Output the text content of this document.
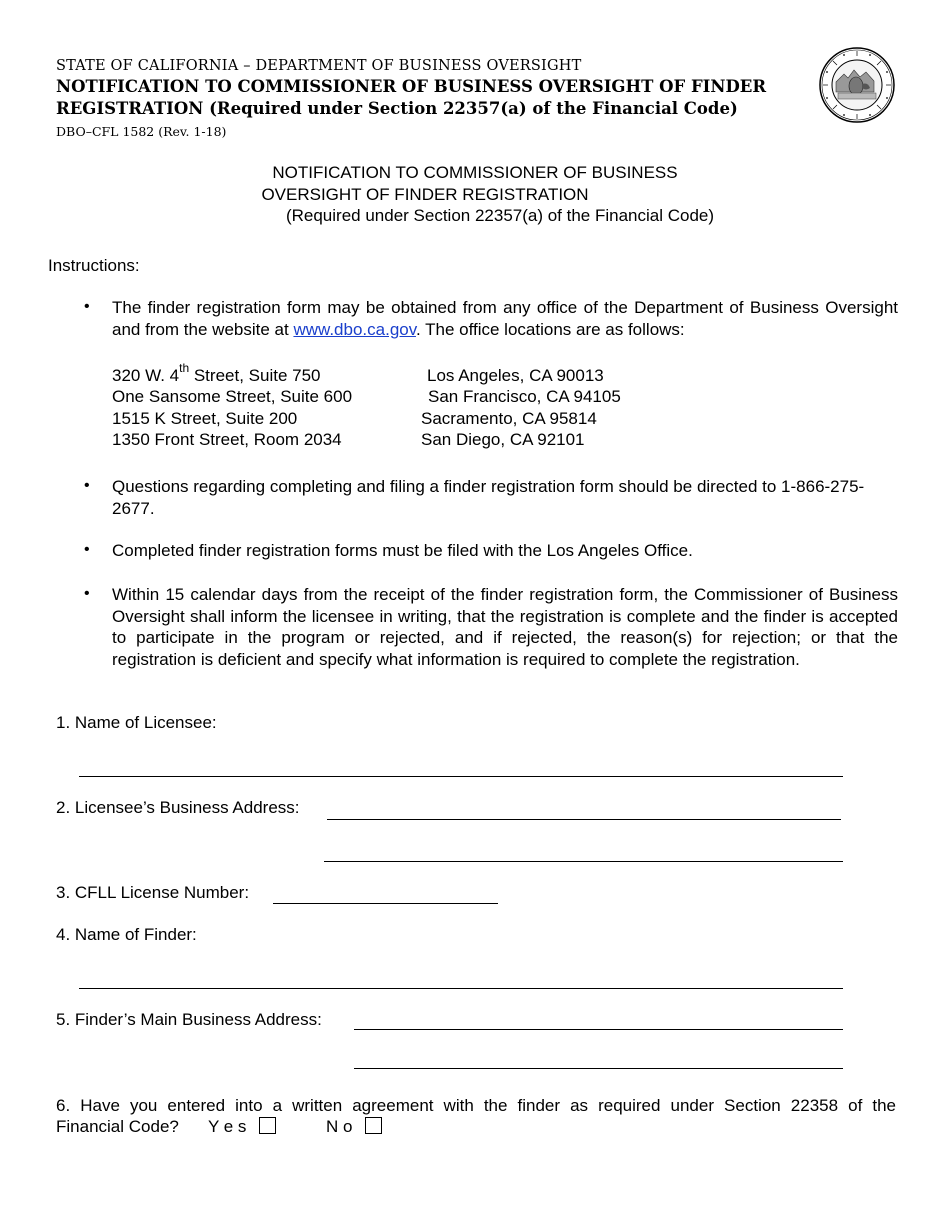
STATE OF CALIFORNIA – DEPARTMENT OF BUSINESS OVERSIGHT
NOTIFICATION TO COMMISSIONER OF BUSINESS OVERSIGHT OF FINDER
REGISTRATION (Required under Section 22357(a) of the Financial Code)
DBO–CFL 1582 (Rev. 1-18)
NOTIFICATION TO COMMISSIONER OF BUSINESS
OVERSIGHT OF FINDER REGISTRATION
(Required under Section 22357(a) of the Financial Code)
Instructions:
• The finder registration form may be obtained from any office of the Department of Business Oversight and from the website at www.dbo.ca.gov. The office locations are as follows:
320 W. 4th Street, Suite 750	Los Angeles, CA 90013
One Sansome Street, Suite 600	San Francisco, CA 94105
1515 K Street, Suite 200	Sacramento, CA 95814
1350 Front Street, Room 2034	San Diego, CA 92101
• Questions regarding completing and filing a finder registration form should be directed to 1-866-275-2677.
• Completed finder registration forms must be filed with the Los Angeles Office.
• Within 15 calendar days from the receipt of the finder registration form, the Commissioner of Business Oversight shall inform the licensee in writing, that the registration is complete and the finder is accepted to participate in the program or rejected, and if rejected, the reason(s) for rejection; or that the registration is deficient and specify what information is required to complete the registration.
1. Name of Licensee:
2. Licensee’s Business Address:
3. CFLL License Number:
4. Name of Finder:
5. Finder’s Main Business Address:
6. Have you entered into a written agreement with the finder as required under Section 22358 of the
Financial Code? Y e s	N o
